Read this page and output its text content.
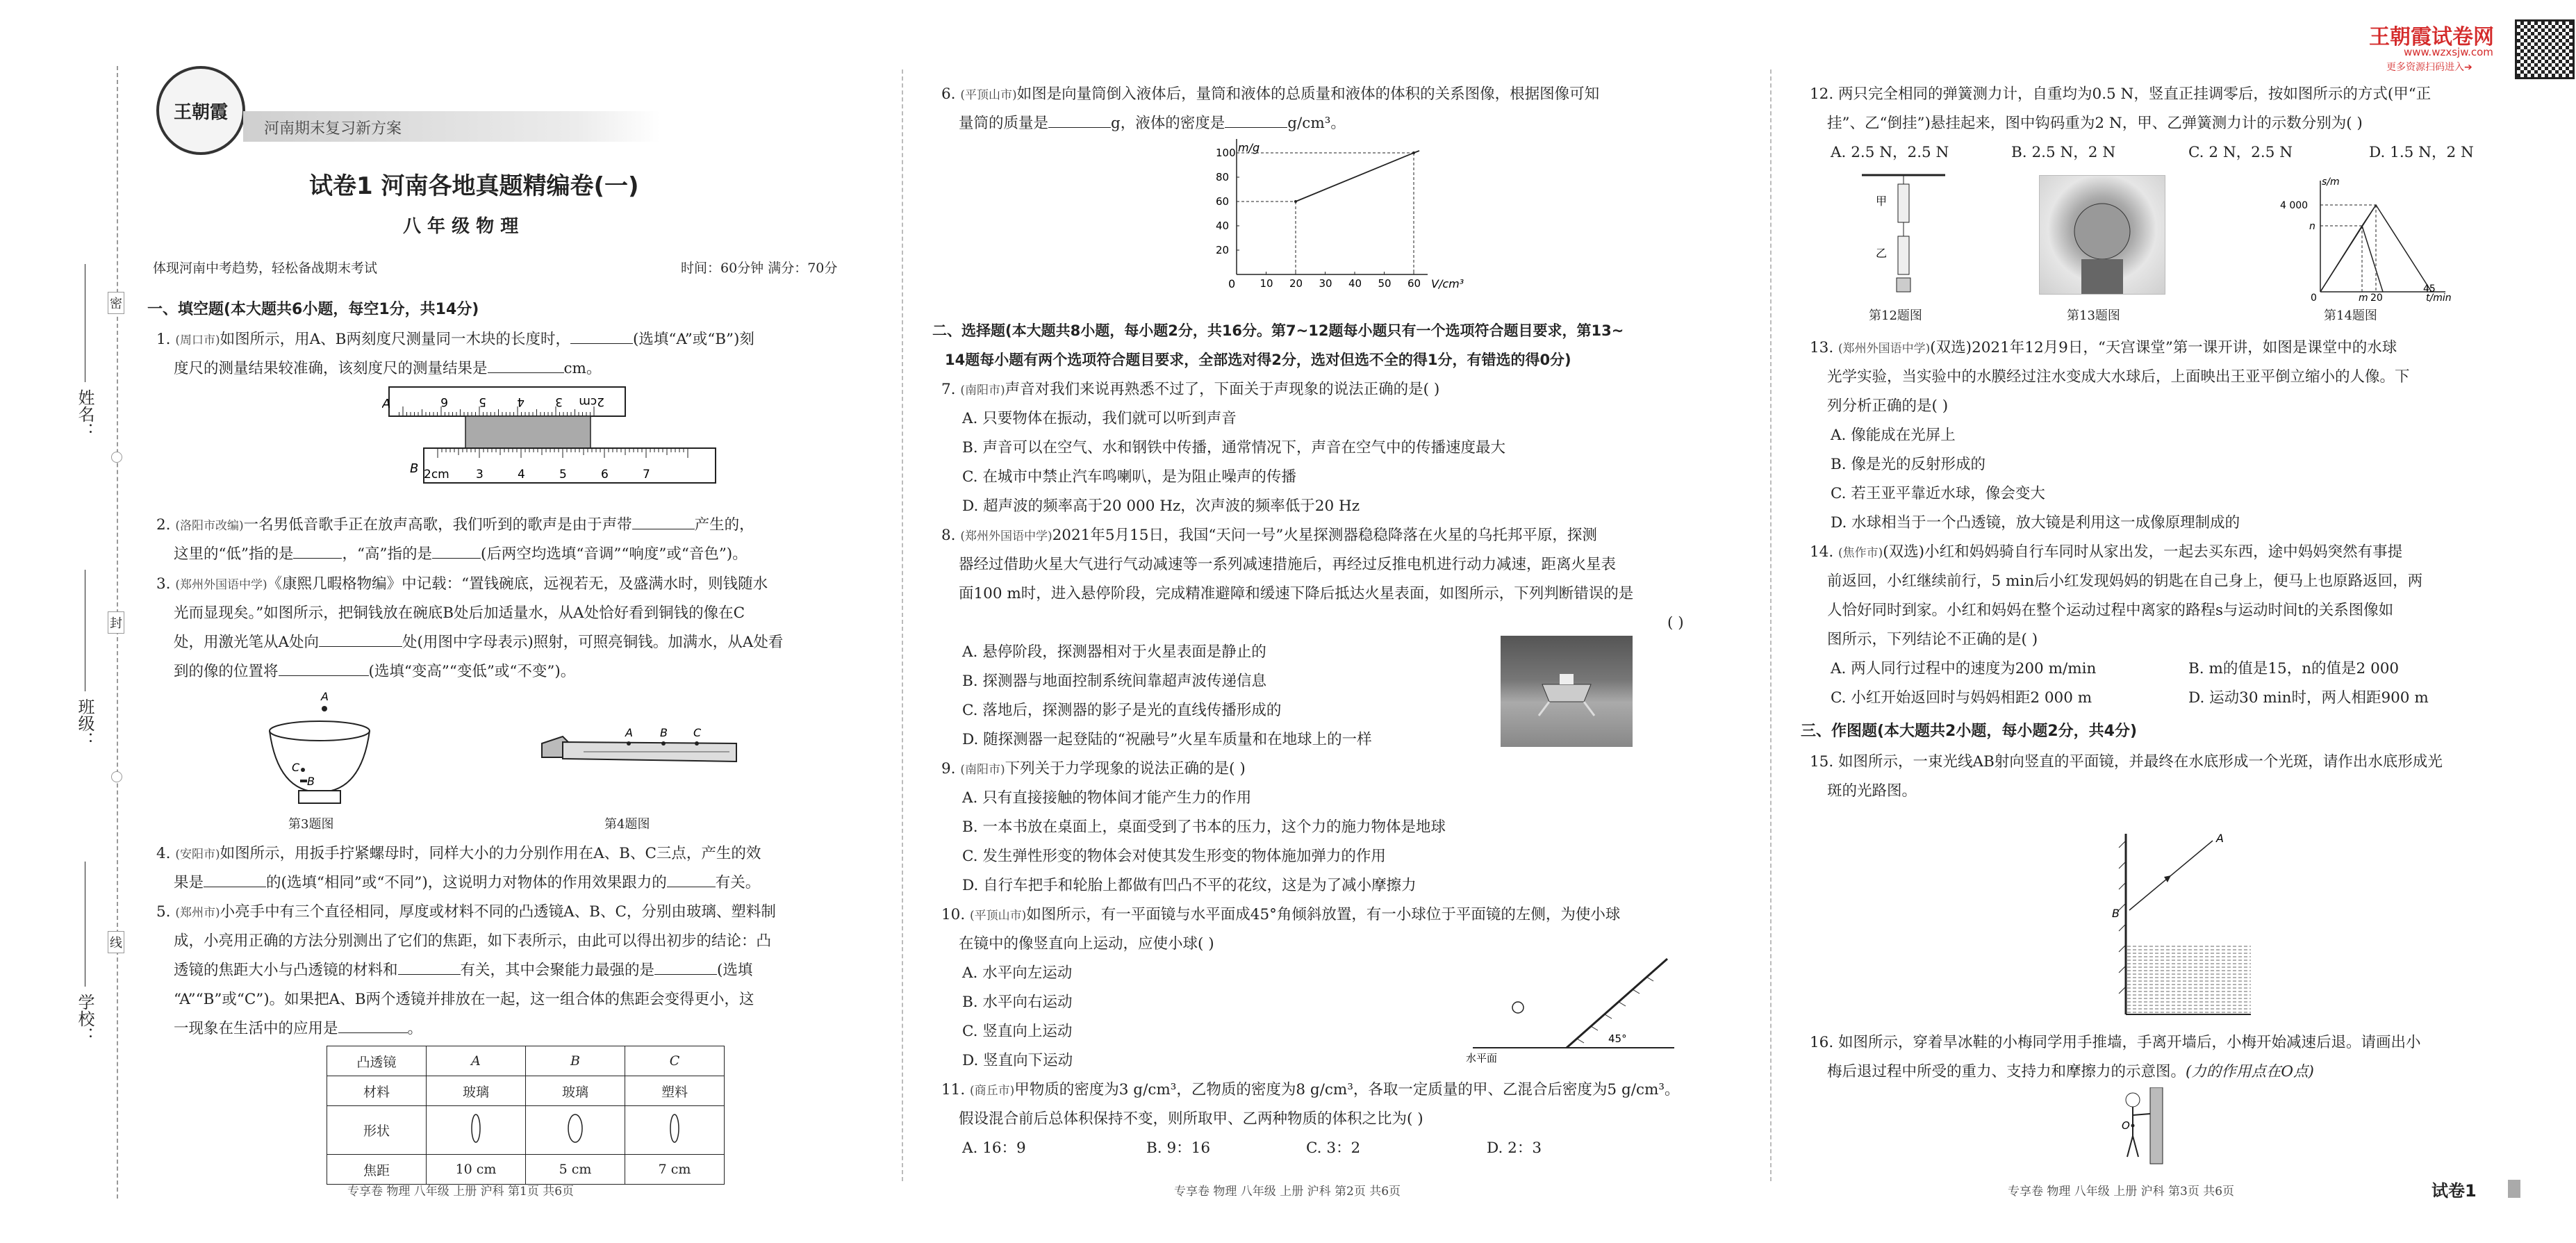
姓名：
班级：
学校：
密
封
线
王朝霞
河南期末复习新方案
试卷1 河南各地真题精编卷(一)
八 年 级 物 理
体现河南中考趋势，轻松备战期末考试	时间：60分钟 满分：70分
一、填空题(本大题共6小题，每空1分，共14分)
1. (周口市)如图所示，用A、B两刻度尺测量同一木块的长度时，	(选填“A”或“B”)刻
度尺的测量结果较准确，该刻度尺的测量结果是	cm。
A
B
2cm
3
4
5
6
2cm 3	4	5	6	7
2. (洛阳市改编)一名男低音歌手正在放声高歌，我们听到的歌声是由于声带	产生的，
这里的“低”指的是	，“高”指的是	(后两空均选填“音调”“响度”或“音色”)。
3. (郑州外国语中学)《康熙几暇格物编》中记载：“置钱碗底，远视若无，及盛满水时，则钱随水
光而显现矣。”如图所示，把铜钱放在碗底B处后加适量水，从A处恰好看到铜钱的像在C
处，用激光笔从A处向	处(用图中字母表示)照射，可照亮铜钱。加满水，从A处看
到的像的位置将	(选填“变高”“变低”或“不变”)。
A
C
B
第3题图
A B C
第4题图
4. (安阳市)如图所示，用扳手拧紧螺母时，同样大小的力分别作用在A、B、C三点，产生的效
果是	的(选填“相同”或“不同”)，这说明力对物体的作用效果跟力的	有关。
5. (郑州市)小亮手中有三个直径相同，厚度或材料不同的凸透镜A、B、C，分别由玻璃、塑料制
成，小亮用正确的方法分别测出了它们的焦距，如下表所示，由此可以得出初步的结论：凸
透镜的焦距大小与凸透镜的材料和	有关，其中会聚能力最强的是	(选填
“A”“B”或“C”)。如果把A、B两个透镜并排放在一起，这一组合体的焦距会变得更小，这
一现象在生活中的应用是	。
凸透镜	A	B	C
材料	玻璃	玻璃	塑料
形状			
焦距	10 cm	5 cm	7 cm
专享卷 物理 八年级 上册 沪科 第1页 共6页
6. (平顶山市)如图是向量筒倒入液体后，量筒和液体的总质量和液体的体积的关系图像，根据图像可知
量筒的质量是	g，液体的密度是	g/cm³。
m/g
V/cm³
0 10 20 30 40 50 60
20
40
60
80
100
二、选择题(本大题共8小题，每小题2分，共16分。第7~12题每小题只有一个选项符合题目要求，第13~
14题每小题有两个选项符合题目要求，全部选对得2分，选对但选不全的得1分，有错选的得0分)
7. (南阳市)声音对我们来说再熟悉不过了，下面关于声现象的说法正确的是( )
A. 只要物体在振动，我们就可以听到声音
B. 声音可以在空气、水和钢铁中传播，通常情况下，声音在空气中的传播速度最大
C. 在城市中禁止汽车鸣喇叭，是为阻止噪声的传播
D. 超声波的频率高于20 000 Hz，次声波的频率低于20 Hz
8. (郑州外国语中学)2021年5月15日，我国“天问一号”火星探测器稳稳降落在火星的乌托邦平原，探测
器经过借助火星大气进行气动减速等一系列减速措施后，再经过反推电机进行动力减速，距离火星表
面100 m时，进入悬停阶段，完成精准避障和缓速下降后抵达火星表面，如图所示，下列判断错误的是
( )
A. 悬停阶段，探测器相对于火星表面是静止的
B. 探测器与地面控制系统间靠超声波传递信息
C. 落地后，探测器的影子是光的直线传播形成的
D. 随探测器一起登陆的“祝融号”火星车质量和在地球上的一样
9. (南阳市)下列关于力学现象的说法正确的是( )
A. 只有直接接触的物体间才能产生力的作用
B. 一本书放在桌面上，桌面受到了书本的压力，这个力的施力物体是地球
C. 发生弹性形变的物体会对使其发生形变的物体施加弹力的作用
D. 自行车把手和轮胎上都做有凹凸不平的花纹，这是为了减小摩擦力
10. (平顶山市)如图所示，有一平面镜与水平面成45°角倾斜放置，有一小球位于平面镜的左侧，为使小球
在镜中的像竖直向上运动，应使小球( )
A. 水平向左运动
B. 水平向右运动
C. 竖直向上运动
D. 竖直向下运动
45°
水平面
11. (商丘市)甲物质的密度为3 g/cm³，乙物质的密度为8 g/cm³，各取一定质量的甲、乙混合后密度为5 g/cm³。
假设混合前后总体积保持不变，则所取甲、乙两种物质的体积之比为( )
A. 16：9	B. 9：16	C. 3：2	D. 2：3
专享卷 物理 八年级 上册 沪科 第2页 共6页
王朝霞试卷网
www.wzxsjw.com
更多资源扫码进入➔
12. 两只完全相同的弹簧测力计，自重均为0.5 N，竖直正挂调零后，按如图所示的方式(甲“正
挂”、乙“倒挂”)悬挂起来，图中钩码重为2 N，甲、乙弹簧测力计的示数分别为( )
A. 2.5 N，2.5 N	B. 2.5 N，2 N	C. 2 N，2.5 N	D. 1.5 N，2 N
甲
乙
第12题图	第13题图
s/m
t/min
4 000
n
m 20
45
0
第14题图
13. (郑州外国语中学)(双选)2021年12月9日，“天宫课堂”第一课开讲，如图是课堂中的水球
光学实验，当实验中的水膜经过注水变成大水球后，上面映出王亚平倒立缩小的人像。下
列分析正确的是( )
A. 像能成在光屏上
B. 像是光的反射形成的
C. 若王亚平靠近水球，像会变大
D. 水球相当于一个凸透镜，放大镜是利用这一成像原理制成的
14. (焦作市)(双选)小红和妈妈骑自行车同时从家出发，一起去买东西，途中妈妈突然有事提
前返回，小红继续前行，5 min后小红发现妈妈的钥匙在自己身上，便马上也原路返回，两
人恰好同时到家。小红和妈妈在整个运动过程中离家的路程s与运动时间t的关系图像如
图所示，下列结论不正确的是( )
A. 两人同行过程中的速度为200 m/min	B. m的值是15，n的值是2 000
C. 小红开始返回时与妈妈相距2 000 m	D. 运动30 min时，两人相距900 m
三、作图题(本大题共2小题，每小题2分，共4分)
15. 如图所示，一束光线AB射向竖直的平面镜，并最终在水底形成一个光斑，请作出水底形成光
斑的光路图。
A
B
16. 如图所示，穿着旱冰鞋的小梅同学用手推墙，手离开墙后，小梅开始减速后退。请画出小
梅后退过程中所受的重力、支持力和摩擦力的示意图。(力的作用点在O点)
O
专享卷 物理 八年级 上册 沪科 第3页 共6页	试卷1
